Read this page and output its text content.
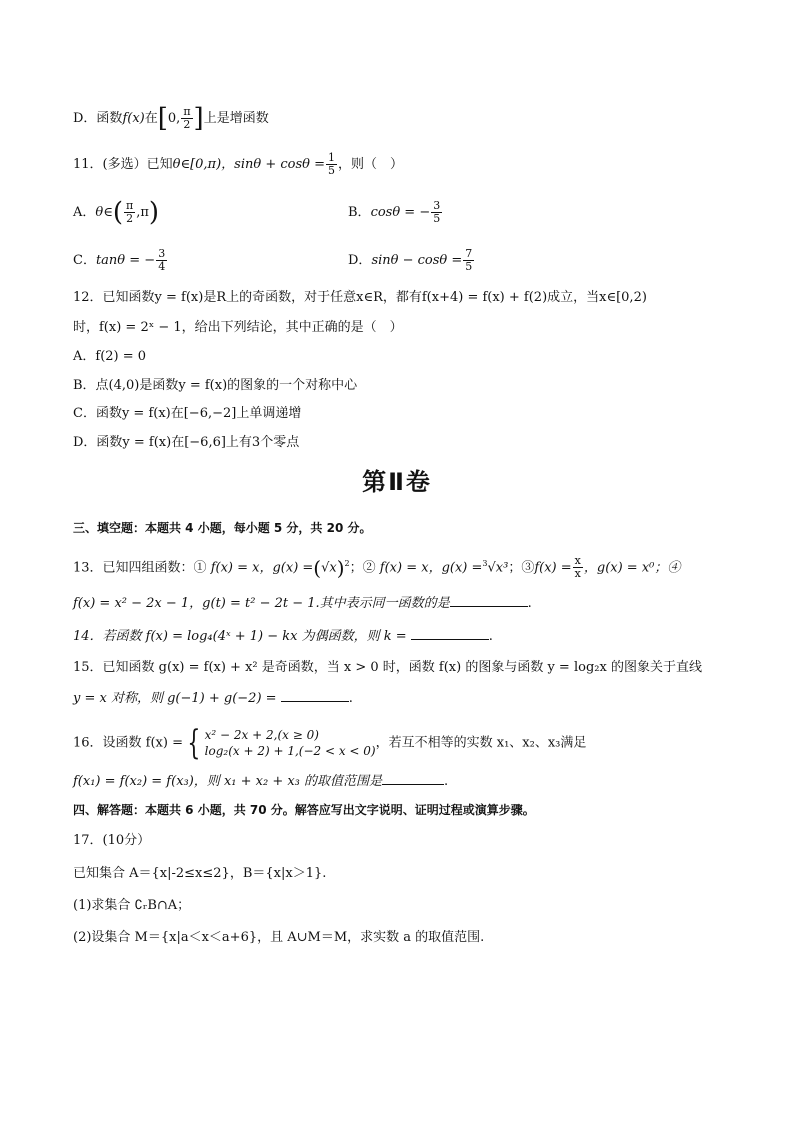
D．函数f(x)在[0, $\frac{\pi}{2}$ ]上是增函数
11．(多选）已知θ∈[0,π)，$\sin\theta + \cos\theta = \frac{1}{5}$ ，则（　）
A．θ∈( $\frac{\pi}{2} ,\pi$)	B．cosθ = − $\frac{3}{5}$
C．tanθ = − $\frac{3}{4}$	D．$\sin\theta - \cos\theta = \frac{7}{5}$
12．已知函数y = f(x)是R上的奇函数，对于任意x∈R，都有f(x+4) = f(x) + f(2)成立，当x∈[0,2)
时，f(x) = 2ˣ − 1，给出下列结论，其中正确的是（　）
A．f(2) = 0
B．点(4,0)是函数y = f(x)的图象的一个对称中心
C．函数y = f(x)在[−6,−2]上单调递增
D．函数y = f(x)在[−6,6]上有3个零点
第Ⅱ卷
三、填空题：本题共 4 小题，每小题 5 分，共 20 分。
13．已知四组函数：① f(x) = x，$g(x) =(√x)^2$；② f(x) = x，g(x) =$^3$√x³；③f(x) = $\frac{x}{x}$ ，g(x) = x⁰；④
f(x) = x² − 2x − 1，g(t) = t² − 2t − 1.其中表示同一函数的是	.
14．若函数 f(x) = log₄(4ˣ + 1) − kx 为偶函数，则 k =	.
15．已知函数 g(x) = f(x) + x² 是奇函数，当 x > 0 时，函数 f(x) 的图象与函数 y = log₂x 的图象关于直线
y = x 对称，则 g(−1) + g(−2) =	.
16．设函数 f(x) = { x² − 2x + 2,(x ≥ 0)
log₂(x + 2) + 1,(−2 < x < 0)
，若互不相等的实数 x₁、x₂、x₃满足
f(x₁) = f(x₂) = f(x₃)，则 x₁ + x₂ + x₃ 的取值范围是	.
四、解答题：本题共 6 小题，共 70 分。解答应写出文字说明、证明过程或演算步骤。
17．(10分）
已知集合 A＝{x|-2≤x≤2}，B＝{x|x＞1}.
(1)求集合 ∁ᵣB∩A；
(2)设集合 M＝{x|a＜x＜a+6}，且 A∪M＝M，求实数 a 的取值范围.
